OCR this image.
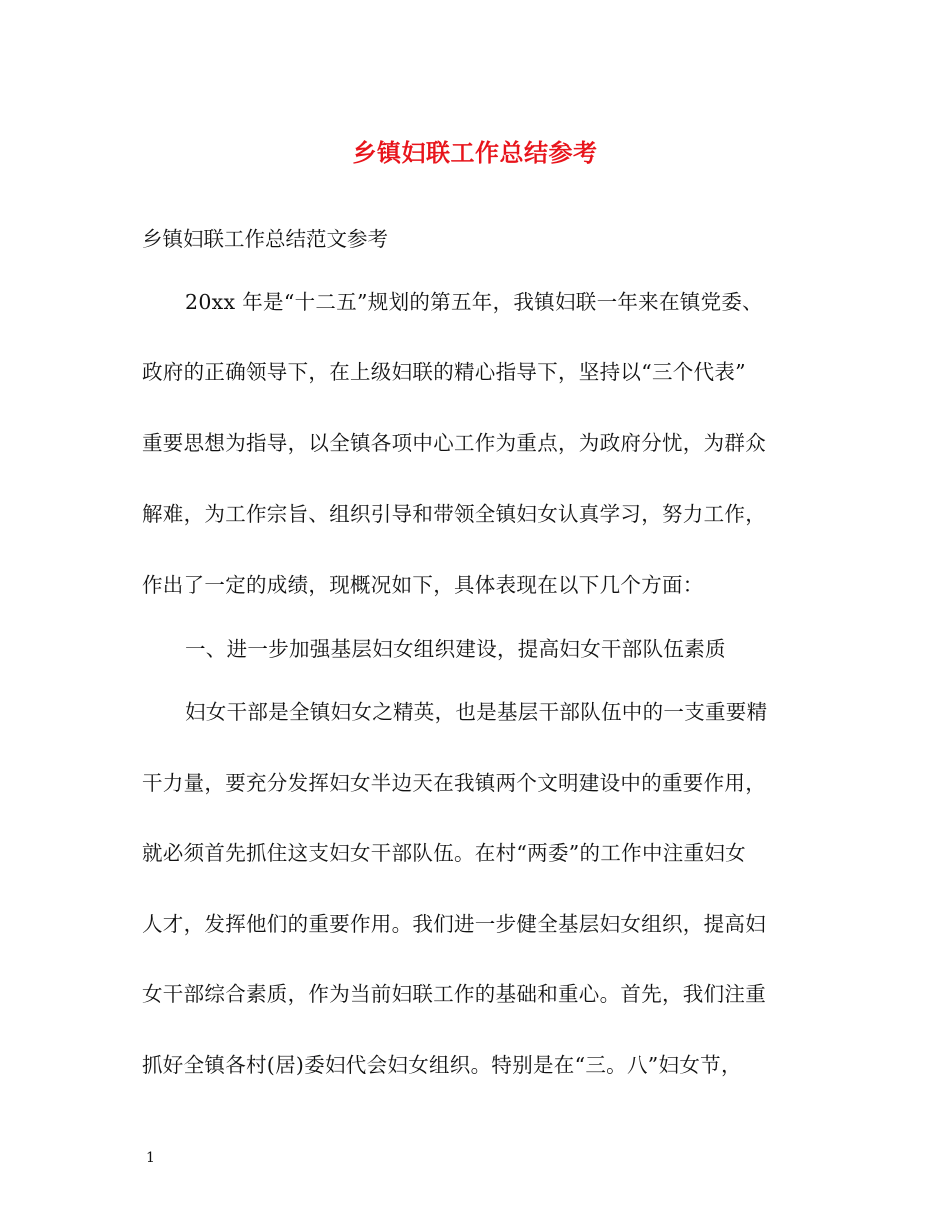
乡镇妇联工作总结参考
乡镇妇联工作总结范文参考
20xx 年是“十二五”规划的第五年，我镇妇联一年来在镇党委、
政府的正确领导下，在上级妇联的精心指导下，坚持以“三个代表”
重要思想为指导，以全镇各项中心工作为重点，为政府分忧，为群众
解难，为工作宗旨、组织引导和带领全镇妇女认真学习，努力工作，
作出了一定的成绩，现概况如下，具体表现在以下几个方面：
一、进一步加强基层妇女组织建设，提高妇女干部队伍素质
妇女干部是全镇妇女之精英，也是基层干部队伍中的一支重要精
干力量，要充分发挥妇女半边天在我镇两个文明建设中的重要作用，
就必须首先抓住这支妇女干部队伍。在村“两委”的工作中注重妇女
人才，发挥他们的重要作用。我们进一步健全基层妇女组织，提高妇
女干部综合素质，作为当前妇联工作的基础和重心。首先，我们注重
抓好全镇各村(居)委妇代会妇女组织。特别是在“三。八”妇女节，
1
